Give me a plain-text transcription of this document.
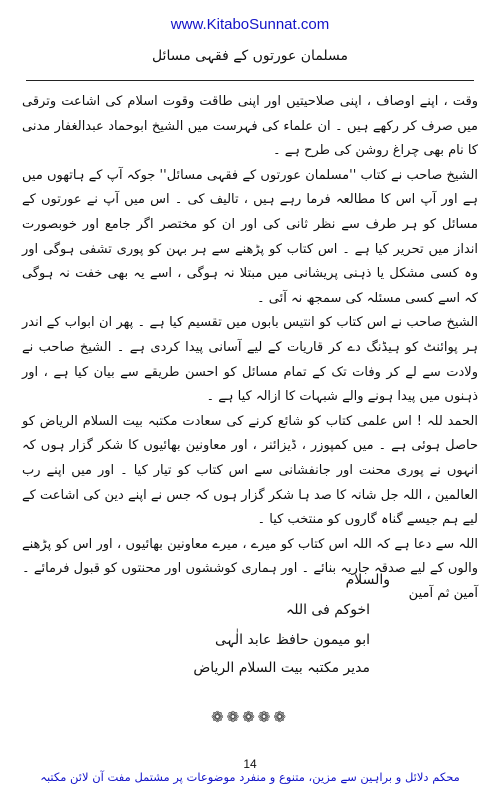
www.KitaboSunnat.com
مسلمان عورتوں کے فقہی مسائل

وقت ، اپنے اوصاف ، اپنی صلاحیتیں اور اپنی طاقت وقوت اسلام کی اشاعت وترقی میں صرف کر رکھے ہیں ۔ ان علماء کی فہرست میں الشیخ ابوحماد عبدالغفار مدنی کا نام بھی چراغ روشن کی طرح ہے ۔

الشیخ صاحب نے کتاب ''مسلمان عورتوں کے فقہی مسائل'' جوکہ آپ کے ہاتھوں میں ہے اور آپ اس کا مطالعہ فرما رہے ہیں ، تالیف کی ۔ اس میں آپ نے عورتوں کے مسائل کو ہر طرف سے نظر ثانی کی اور ان کو مختصر اگر جامع اور خوبصورت انداز میں تحریر کیا ہے ۔ اس کتاب کو پڑھنے سے ہر بہن کو پوری تشفی ہوگی اور وہ کسی مشکل یا ذہنی پریشانی میں مبتلا نہ ہوگی ، اسے یہ بھی خفت نہ ہوگی کہ اسے کسی مسئلہ کی سمجھ نہ آئی ۔

الشیخ صاحب نے اس کتاب کو انتیس بابوں میں تقسیم کیا ہے ۔ پھر ان ابواب کے اندر ہر پوائنٹ کو ہیڈنگ دے کر قاریات کے لیے آسانی پیدا کردی ہے ۔ الشیخ صاحب نے ولادت سے لے کر وفات تک کے تمام مسائل کو احسن طریقے سے بیان کیا ہے ، اور ذہنوں میں پیدا ہونے والے شبہات کا ازالہ کیا ہے ۔

الحمد للہ ! اس علمی کتاب کو شائع کرنے کی سعادت مکتبہ بیت السلام الریاض کو حاصل ہوئی ہے ۔ میں کمپوزر ، ڈیزائنر ، اور معاونین بھائیوں کا شکر گزار ہوں کہ انہوں نے پوری محنت اور جانفشانی سے اس کتاب کو تیار کیا ۔ اور میں اپنے رب العالمین ، اللہ جل شانہ کا صد ہا شکر گزار ہوں کہ جس نے اپنے دین کی اشاعت کے لیے ہم جیسے گناہ گاروں کو منتخب کیا ۔

اللہ سے دعا ہے کہ اللہ اس کتاب کو میرے ، میرے معاونین بھائیوں ، اور اس کو پڑھنے والوں کے لیے صدقہ جاریہ بنائے ۔ اور ہماری کوششوں اور محنتوں کو قبول فرمائے ۔ آمین ثم آمین

والسلام
اخوکم فی اللہ
ابو میمون حافظ عابد الٰہی
مدیر مکتبہ بیت السلام الریاض
❁❁❁❁❁
14
محکم دلائل و براہین سے مزین، متنوع و منفرد موضوعات پر مشتمل مفت آن لائن مکتبہ
